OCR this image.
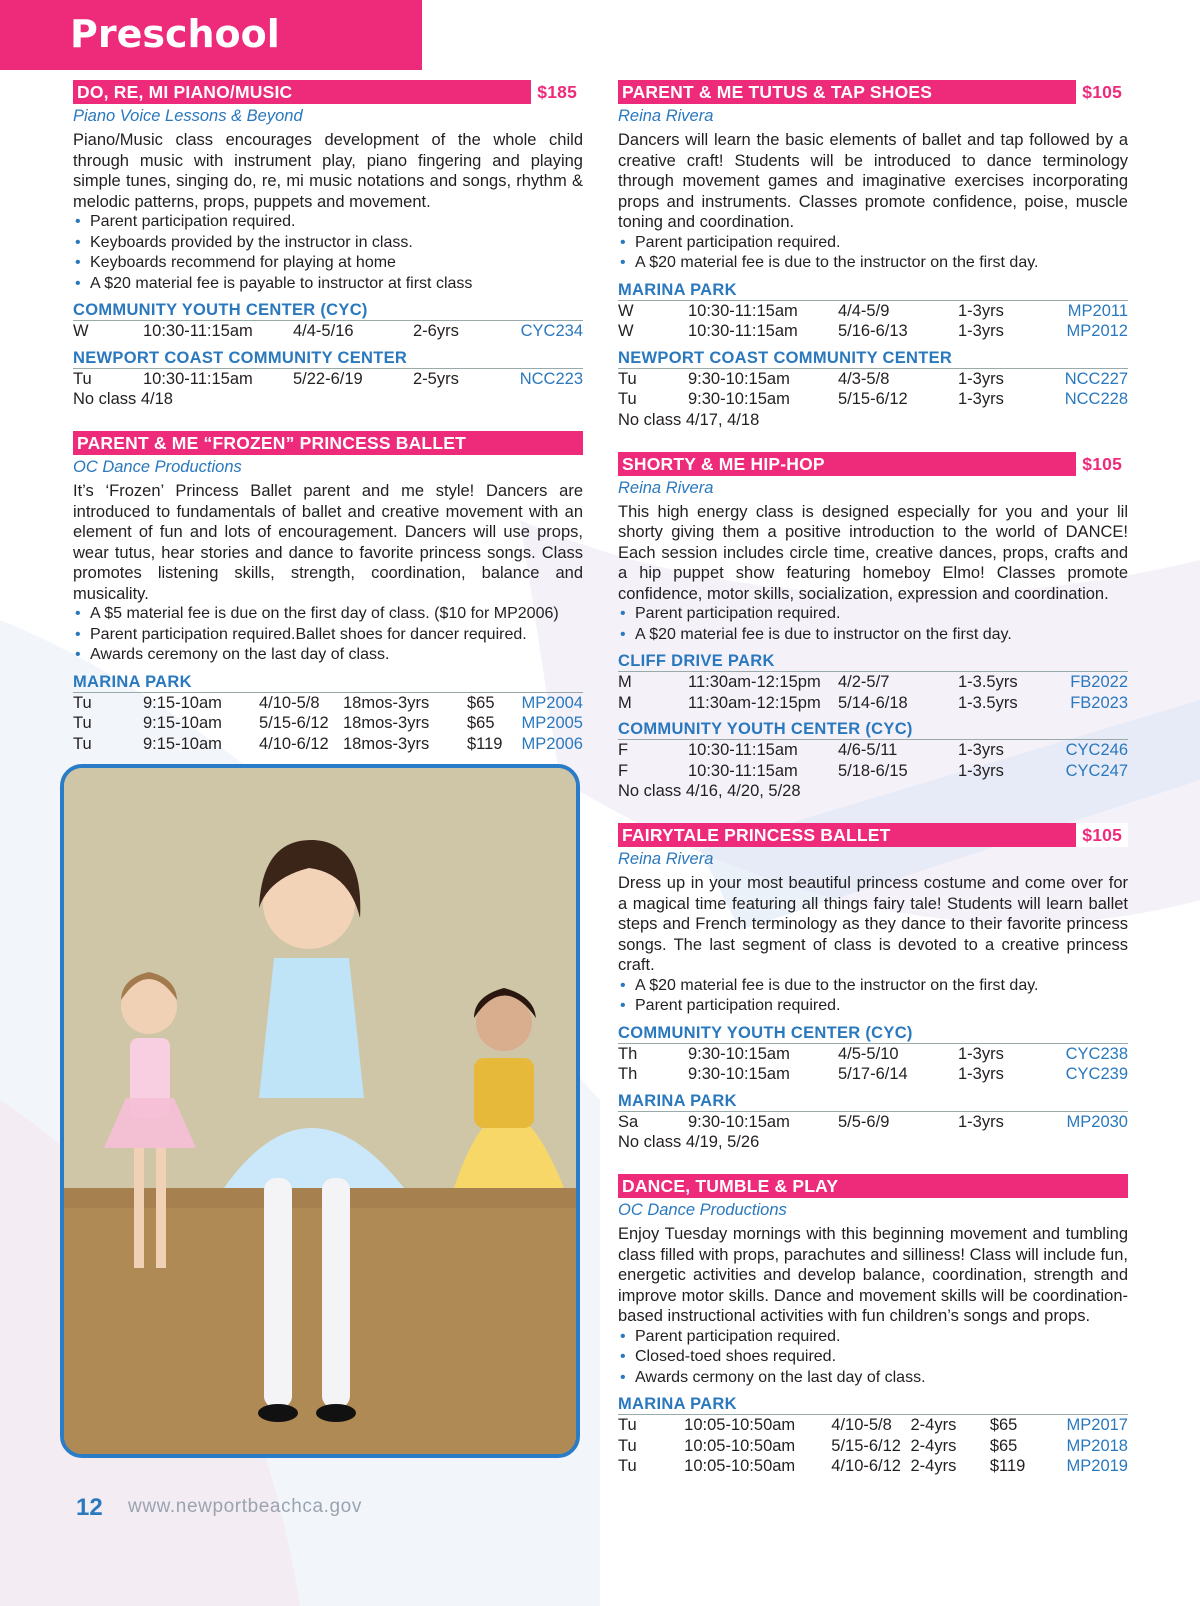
Preschool
DO, RE, MI PIANO/MUSIC	$185
Piano Voice Lessons & Beyond

Piano/Music class encourages development of the whole child through music with instrument play, piano fingering and playing simple tunes, singing do, re, mi music notations and songs, rhythm & melodic patterns, props, puppets and movement.

• Parent participation required.
• Keyboards provided by the instructor in class.
• Keyboards recommend for playing at home
• A $20 material fee is payable to instructor at first class
COMMUNITY YOUTH CENTER (CYC)
W	10:30-11:15am	4/4-5/16	2-6yrs	CYC234
NEWPORT COAST COMMUNITY CENTER
Tu	10:30-11:15am	5/22-6/19	2-5yrs	NCC223
No class 4/18
PARENT & ME “FROZEN” PRINCESS BALLET
OC Dance Productions

It’s ‘Frozen’ Princess Ballet parent and me style! Dancers are introduced to fundamentals of ballet and creative movement with an element of fun and lots of encouragement. Dancers will use props, wear tutus, hear stories and dance to favorite princess songs. Class promotes listening skills, strength, coordination, balance and musicality.

• A $5 material fee is due on the first day of class. ($10 for MP2006)
• Parent participation required.Ballet shoes for dancer required.
• Awards ceremony on the last day of class.
MARINA PARK
Tu	9:15-10am	4/10-5/8	18mos-3yrs	$65	MP2004
Tu	9:15-10am	5/15-6/12	18mos-3yrs	$65	MP2005
Tu	9:15-10am	4/10-6/12	18mos-3yrs	$119	MP2006
PARENT & ME TUTUS & TAP SHOES	$105
Reina Rivera

Dancers will learn the basic elements of ballet and tap followed by a creative craft! Students will be introduced to dance terminology through movement games and imaginative exercises incorporating props and instruments. Classes promote confidence, poise, muscle toning and coordination.

• Parent participation required.
• A $20 material fee is due to the instructor on the first day.
MARINA PARK
W	10:30-11:15am	4/4-5/9	1-3yrs	MP2011
W	10:30-11:15am	5/16-6/13	1-3yrs	MP2012
NEWPORT COAST COMMUNITY CENTER
Tu	9:30-10:15am	4/3-5/8	1-3yrs	NCC227
Tu	9:30-10:15am	5/15-6/12	1-3yrs	NCC228
No class 4/17, 4/18
SHORTY & ME HIP-HOP	$105
Reina Rivera

This high energy class is designed especially for you and your lil shorty giving them a positive introduction to the world of DANCE! Each session includes circle time, creative dances, props, crafts and a hip puppet show featuring homeboy Elmo! Classes promote confidence, motor skills, socialization, expression and coordination.

• Parent participation required.
• A $20 material fee is due to instructor on the first day.
CLIFF DRIVE PARK
M	11:30am-12:15pm	4/2-5/7	1-3.5yrs	FB2022
M	11:30am-12:15pm	5/14-6/18	1-3.5yrs	FB2023
COMMUNITY YOUTH CENTER (CYC)
F	10:30-11:15am	4/6-5/11	1-3yrs	CYC246
F	10:30-11:15am	5/18-6/15	1-3yrs	CYC247
No class 4/16, 4/20, 5/28
FAIRYTALE PRINCESS BALLET	$105
Reina Rivera

Dress up in your most beautiful princess costume and come over for a magical time featuring all things fairy tale! Students will learn ballet steps and French terminology as they dance to their favorite princess songs. The last segment of class is devoted to a creative princess craft.

• A $20 material fee is due to the instructor on the first day.
• Parent participation required.
COMMUNITY YOUTH CENTER (CYC)
Th	9:30-10:15am	4/5-5/10	1-3yrs	CYC238
Th	9:30-10:15am	5/17-6/14	1-3yrs	CYC239
MARINA PARK
Sa	9:30-10:15am	5/5-6/9	1-3yrs	MP2030
No class 4/19, 5/26
DANCE, TUMBLE & PLAY
OC Dance Productions

Enjoy Tuesday mornings with this beginning movement and tumbling class filled with props, parachutes and silliness! Class will include fun, energetic activities and develop balance, coordination, strength and improve motor skills. Dance and movement skills will be coordination-based instructional activities with fun children’s songs and props.

• Parent participation required.
• Closed-toed shoes required.
• Awards cermony on the last day of class.
MARINA PARK
Tu	10:05-10:50am	4/10-5/8	2-4yrs	$65	MP2017
Tu	10:05-10:50am	5/15-6/12	2-4yrs	$65	MP2018
Tu	10:05-10:50am	4/10-6/12	2-4yrs	$119	MP2019
12 www.newportbeachca.gov
